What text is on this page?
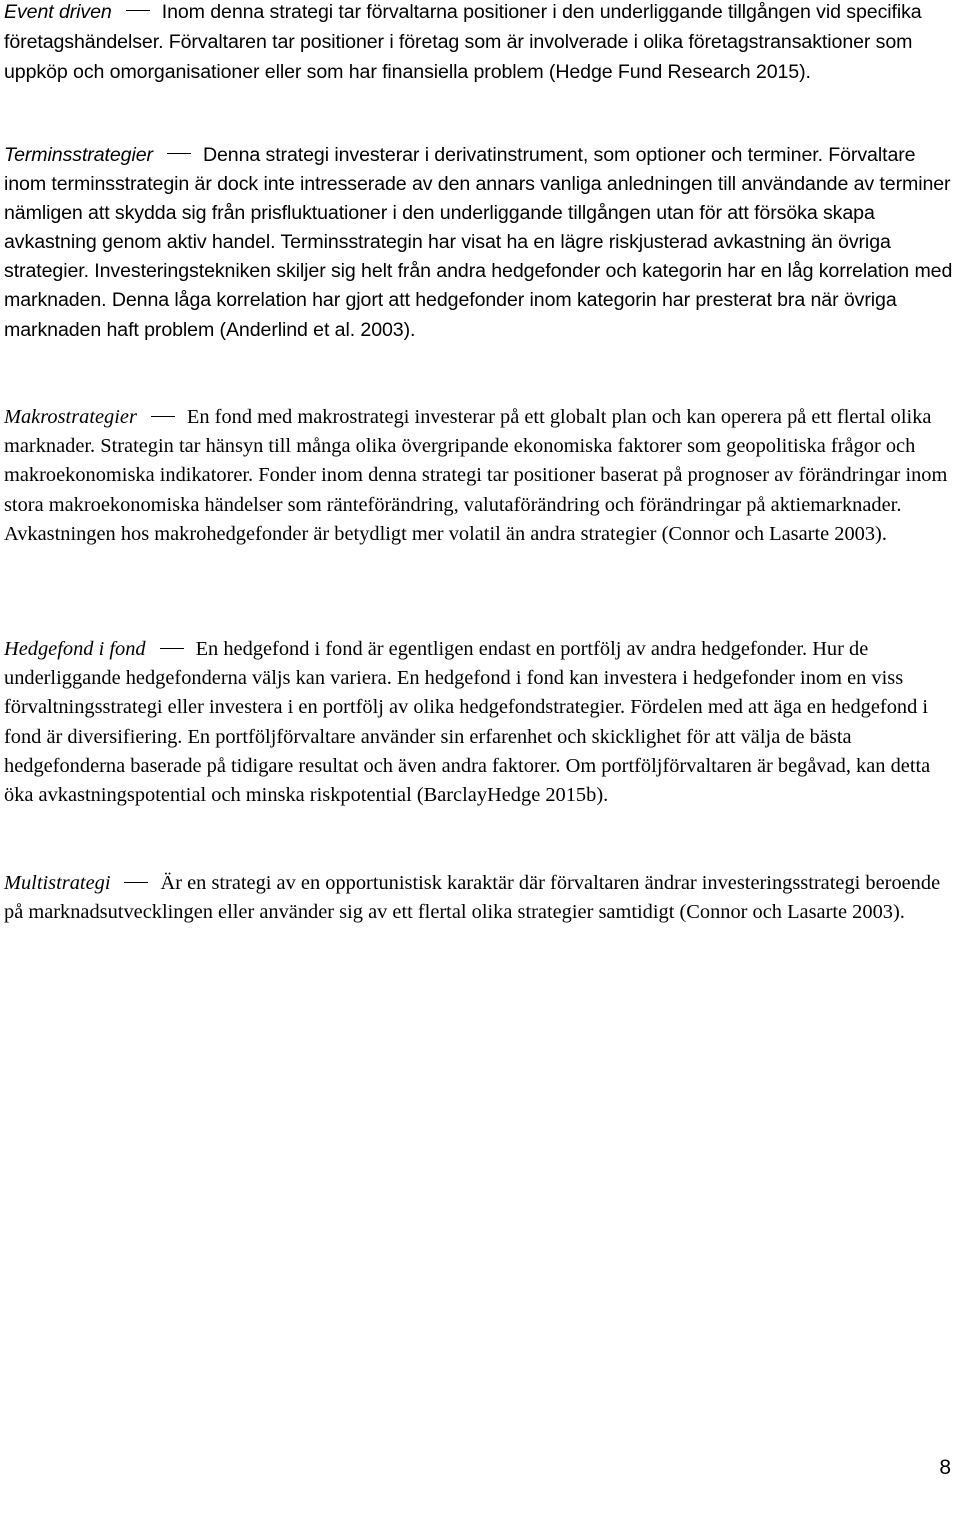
Event driven	Inom denna strategi tar förvaltarna positioner i den underliggande tillgången vid specifika företagshändelser. Förvaltaren tar positioner i företag som är involverade i olika företagstransaktioner som uppköp och omorganisationer eller som har finansiella problem (Hedge Fund Research 2015).

Terminsstrategier	Denna strategi investerar i derivatinstrument, som optioner och terminer. Förvaltare inom terminsstrategin är dock inte intresserade av den annars vanliga anledningen till användande av terminer nämligen att skydda sig från prisfluktuationer i den underliggande tillgången utan för att försöka skapa avkastning genom aktiv handel. Terminsstrategin har visat ha en lägre riskjusterad avkastning än övriga strategier. Investeringstekniken skiljer sig helt från andra hedgefonder och kategorin har en låg korrelation med marknaden. Denna låga korrelation har gjort att hedgefonder inom kategorin har presterat bra när övriga marknaden haft problem (Anderlind et al. 2003).

Makrostrategier En fond med makrostrategi investerar på ett globalt plan och kan operera på ett flertal olika marknader. Strategin tar hänsyn till många olika övergripande ekonomiska faktorer som geopolitiska frågor och makroekonomiska indikatorer. Fonder inom denna strategi tar positioner baserat på prognoser av förändringar inom stora makroekonomiska händelser som ränteförändring, valutaförändring och förändringar på aktiemarknader. Avkastningen hos makrohedgefonder är betydligt mer volatil än andra strategier (Connor och Lasarte 2003).

Hedgefond i fond En hedgefond i fond är egentligen endast en portfölj av andra hedgefonder. Hur de underliggande hedgefonderna väljs kan variera. En hedgefond i fond kan investera i hedgefonder inom en viss förvaltningsstrategi eller investera i en portfölj av olika hedgefondstrategier. Fördelen med att äga en hedgefond i fond är diversifiering. En portföljförvaltare använder sin erfarenhet och skicklighet för att välja de bästa hedgefonderna baserade på tidigare resultat och även andra faktorer. Om portföljförvaltaren är begåvad, kan detta öka avkastningspotential och minska riskpotential (BarclayHedge 2015b).

Multistrategi Är en strategi av en opportunistisk karaktär där förvaltaren ändrar investeringsstrategi beroende på marknadsutvecklingen eller använder sig av ett flertal olika strategier samtidigt (Connor och Lasarte 2003).

8
